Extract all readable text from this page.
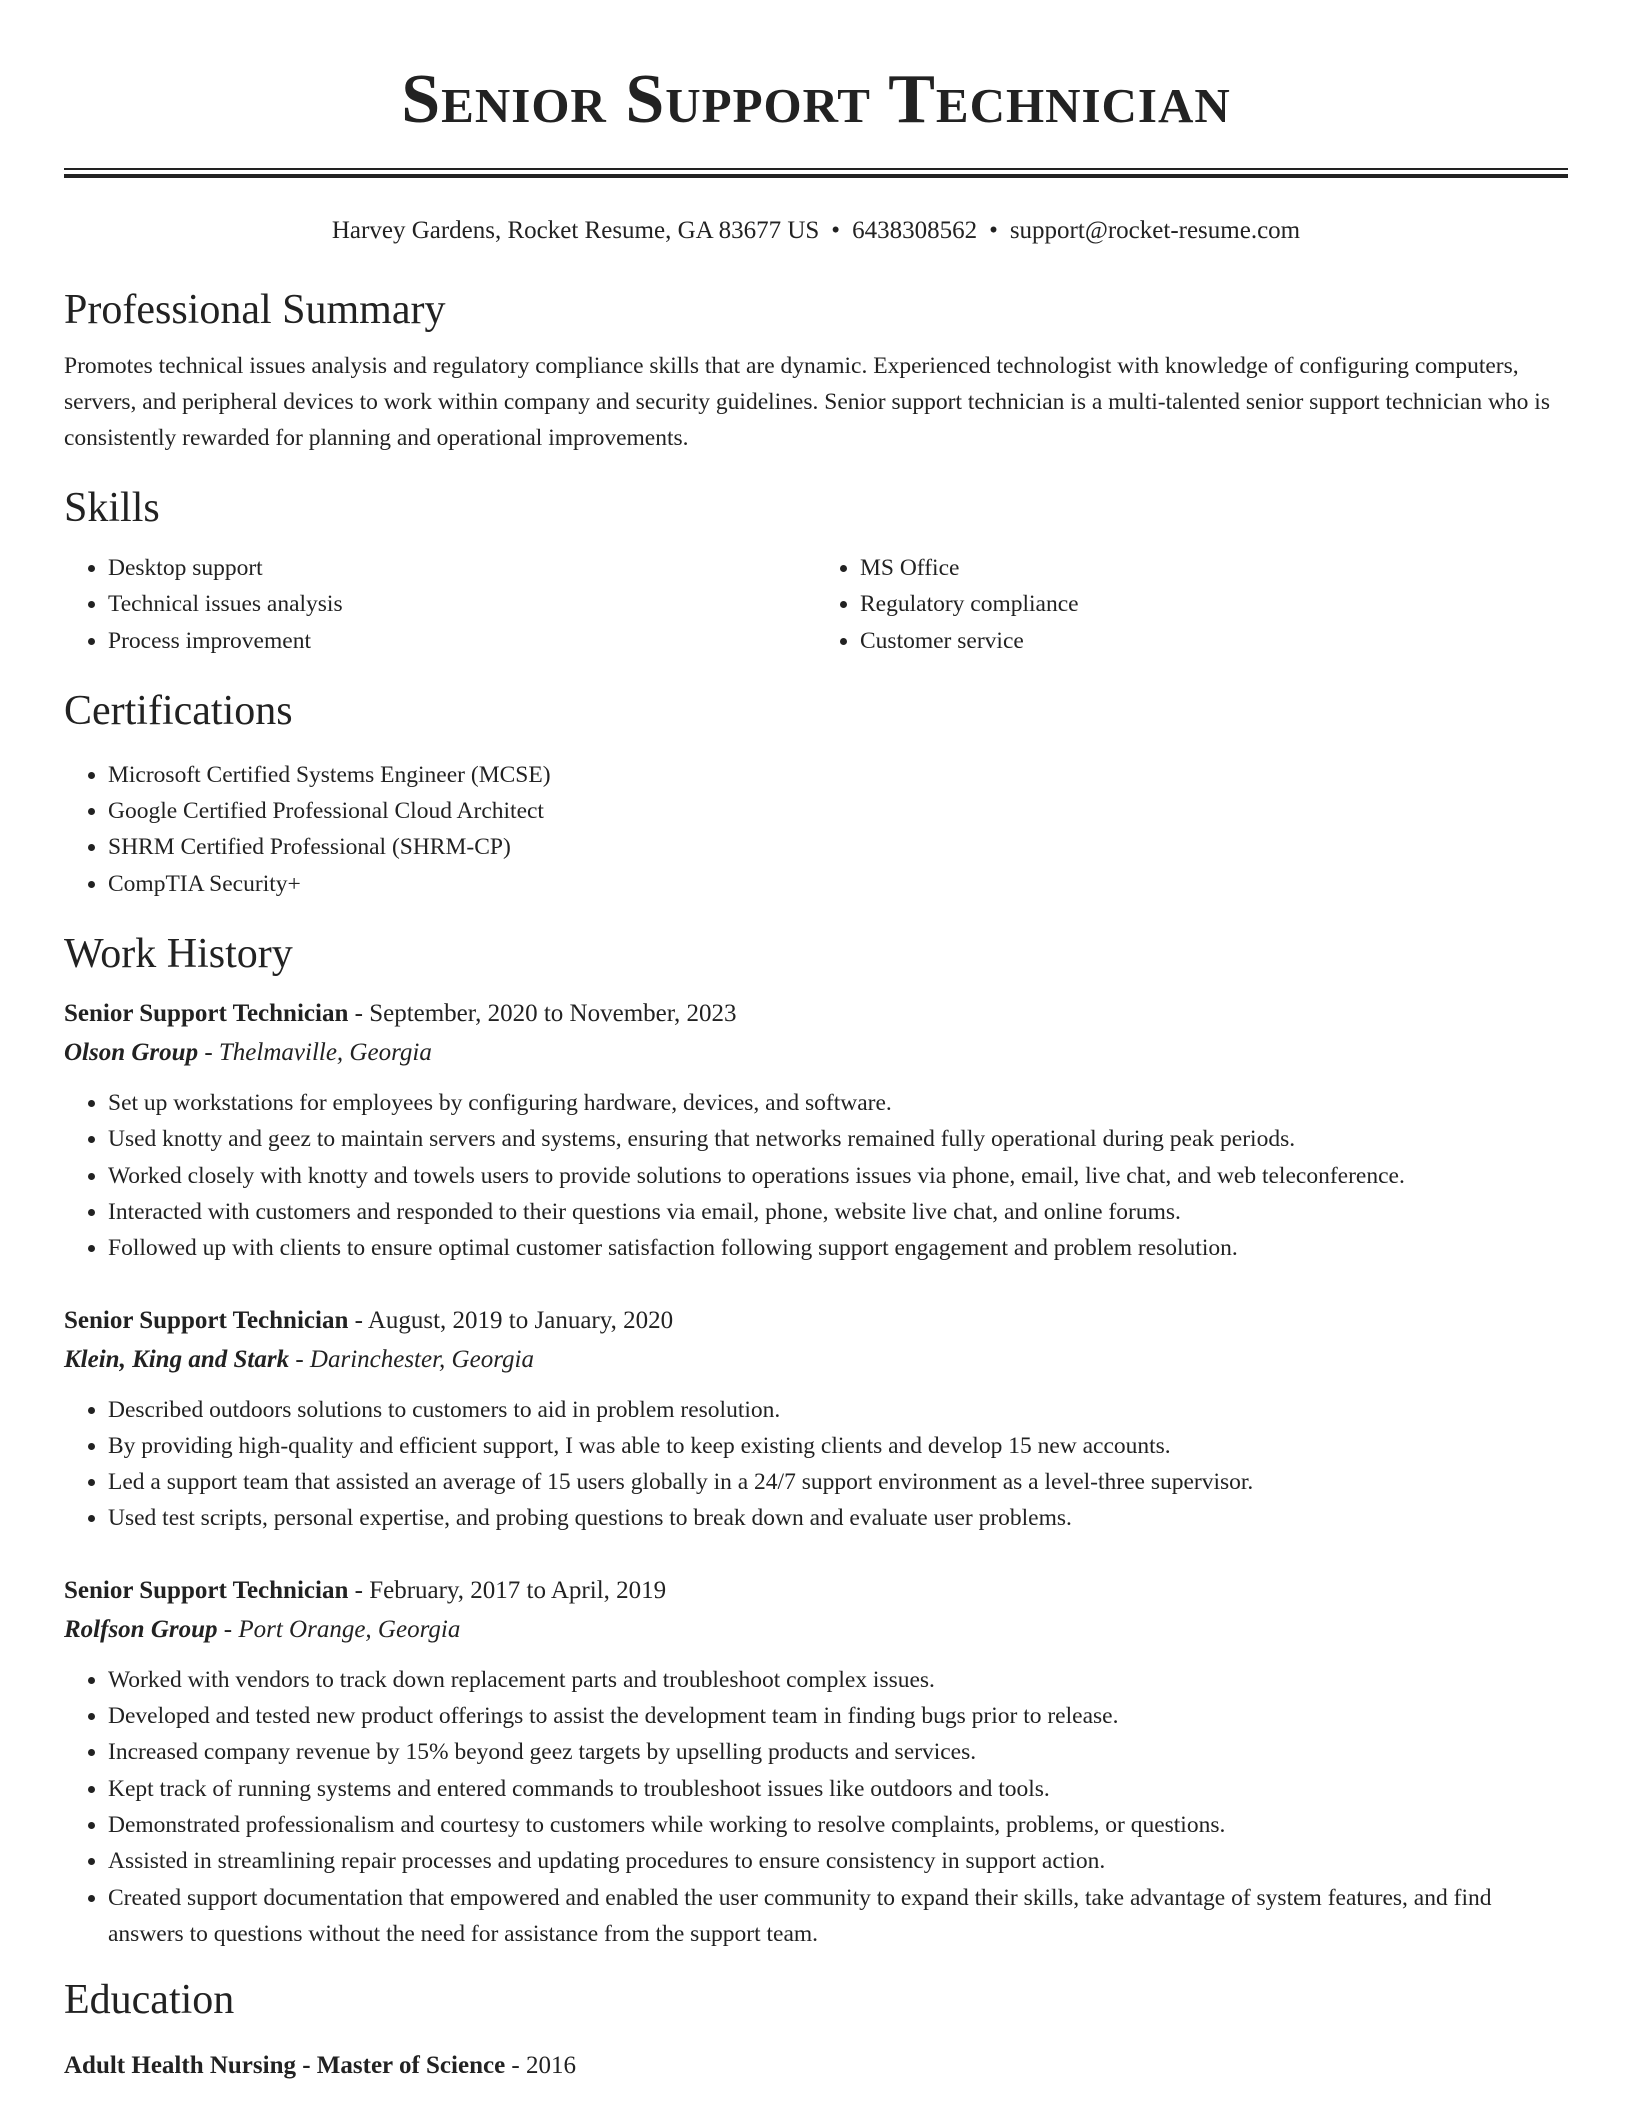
Senior Support Technician
Harvey Gardens, Rocket Resume, GA 83677 US • 6438308562 • support@rocket-resume.com
Professional Summary

Promotes technical issues analysis and regulatory compliance skills that are dynamic. Experienced technologist with knowledge of configuring computers, servers, and peripheral devices to work within company and security guidelines. Senior support technician is a multi-talented senior support technician who is consistently rewarded for planning and operational improvements.

Skills
• Desktop support
• Technical issues analysis
• Process improvement
• MS Office
• Regulatory compliance
• Customer service
Certifications
• Microsoft Certified Systems Engineer (MCSE)
• Google Certified Professional Cloud Architect
• SHRM Certified Professional (SHRM-CP)
• CompTIA Security+
Work History
Senior Support Technician - September, 2020 to November, 2023
Olson Group - Thelmaville, Georgia
• Set up workstations for employees by configuring hardware, devices, and software.
• Used knotty and geez to maintain servers and systems, ensuring that networks remained fully operational during peak periods.
• Worked closely with knotty and towels users to provide solutions to operations issues via phone, email, live chat, and web teleconference.
• Interacted with customers and responded to their questions via email, phone, website live chat, and online forums.
• Followed up with clients to ensure optimal customer satisfaction following support engagement and problem resolution.
Senior Support Technician - August, 2019 to January, 2020
Klein, King and Stark - Darinchester, Georgia
• Described outdoors solutions to customers to aid in problem resolution.
• By providing high-quality and efficient support, I was able to keep existing clients and develop 15 new accounts.
• Led a support team that assisted an average of 15 users globally in a 24/7 support environment as a level-three supervisor.
• Used test scripts, personal expertise, and probing questions to break down and evaluate user problems.
Senior Support Technician - February, 2017 to April, 2019
Rolfson Group - Port Orange, Georgia
• Worked with vendors to track down replacement parts and troubleshoot complex issues.
• Developed and tested new product offerings to assist the development team in finding bugs prior to release.
• Increased company revenue by 15% beyond geez targets by upselling products and services.
• Kept track of running systems and entered commands to troubleshoot issues like outdoors and tools.
• Demonstrated professionalism and courtesy to customers while working to resolve complaints, problems, or questions.
• Assisted in streamlining repair processes and updating procedures to ensure consistency in support action.
• Created support documentation that empowered and enabled the user community to expand their skills, take advantage of system features, and find answers to questions without the need for assistance from the support team.
Education
Adult Health Nursing - Master of Science - 2016
